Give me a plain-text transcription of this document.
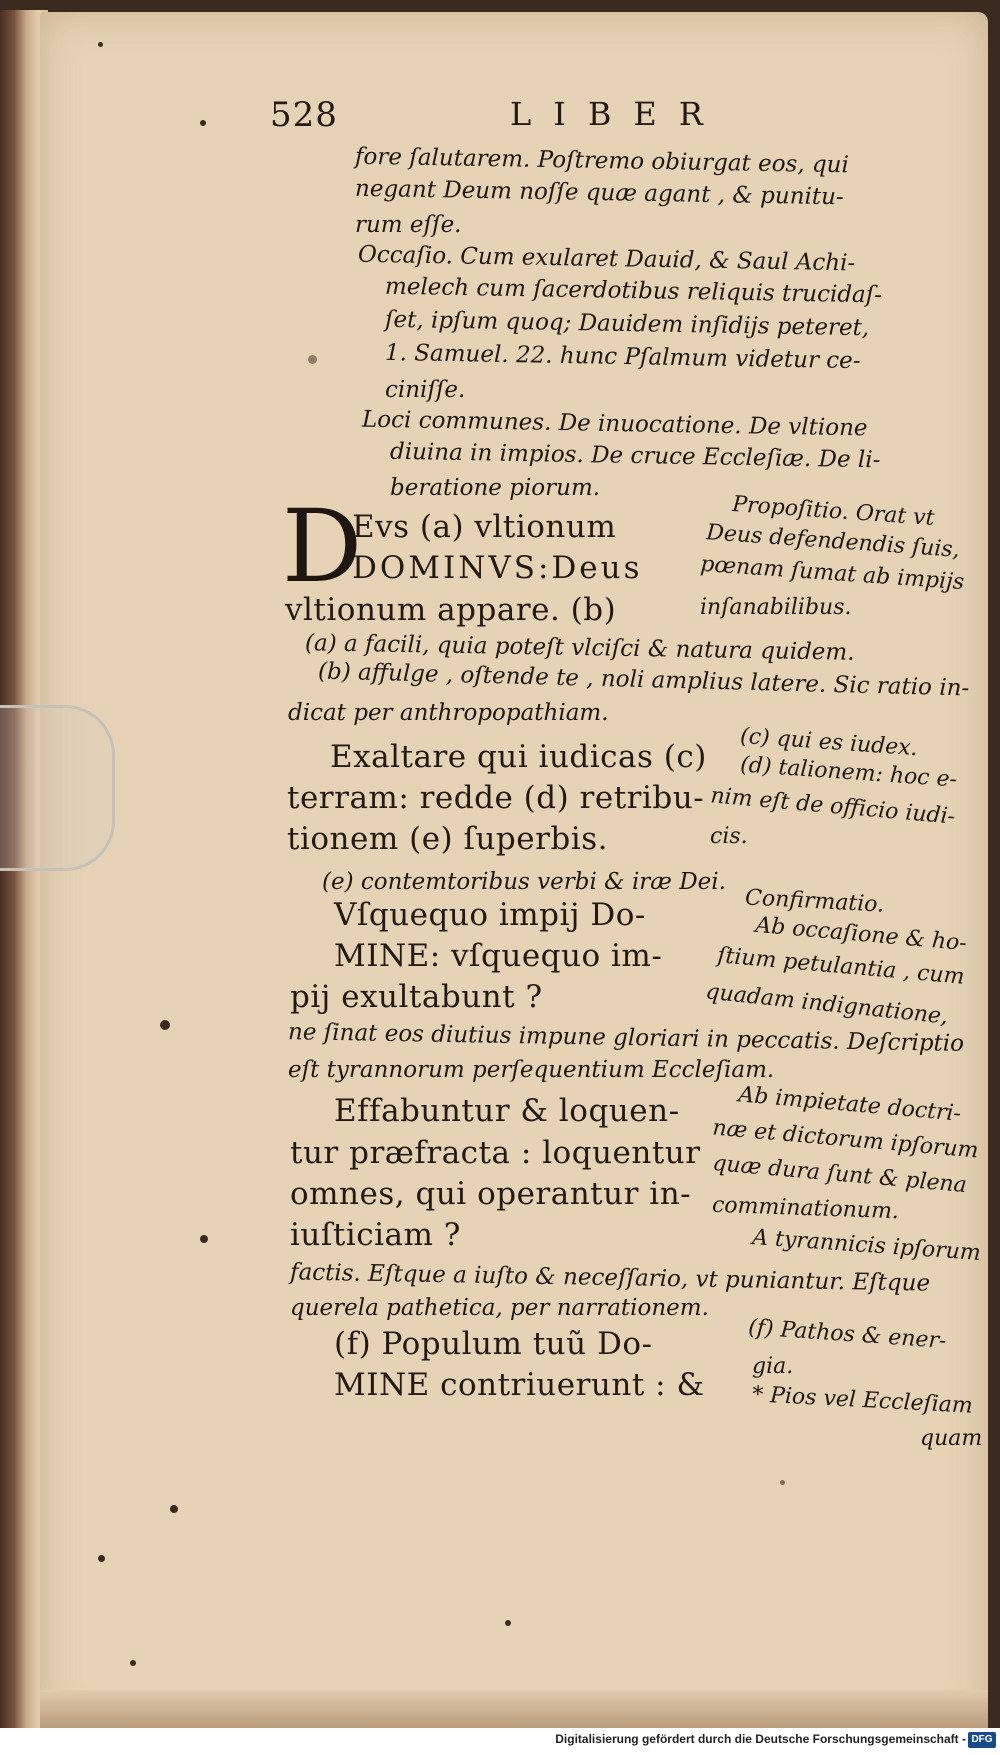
528	LIBER
fore ſalutarem. Poſtremo obiurgat eos, qui
negant Deum noſſe quæ agant , & punitu-
rum eſſe.
Occaſio. Cum exularet Dauid, & Saul Achi-
melech cum ſacerdotibus reliquis trucidaſ-
ſet, ipſum quoq; Dauidem inſidijs peteret,
1. Samuel. 22. hunc Pſalmum videtur ce-
ciniſſe.
Loci communes. De inuocatione. De vltione
diuina in impios. De cruce Eccleſiæ. De li-
beratione piorum.
D
Evs (a) vltionum
DOMINVS:Deus
vltionum appare. (b)
Propoſitio. Orat vt
Deus defendendis ſuis,
pœnam ſumat ab impijs
inſanabilibus.
(a) a facili, quia poteſt vlciſci & natura quidem.
(b) affulge , oſtende te , noli amplius latere. Sic ratio in-
dicat per anthropopathiam.
Exaltare qui iudicas (c)
terram: redde (d) retribu-
tionem (e) ſuperbis.
(c) qui es iudex.
(d) talionem: hoc e-
nim eſt de officio iudi-
cis.
(e) contemtoribus verbi & iræ Dei.
Vſquequo impij Do-
MINE: vſquequo im-
pij exultabunt ?
Confirmatio.
Ab occaſione & ho-
ſtium petulantia , cum
quadam indignatione,
ne ſinat eos diutius impune gloriari in peccatis. Deſcriptio
eſt tyrannorum perſequentium Eccleſiam.
Effabuntur & loquen-
tur præfracta : loquentur
omnes, qui operantur in-
iuſticiam ?
Ab impietate doctri-
næ et dictorum ipſorum
quæ dura ſunt & plena
comminationum.
A tyrannicis ipſorum
factis. Eſtque a iuſto & neceſſario, vt puniantur. Eſtque
querela pathetica, per narrationem.
(f) Populum tuũ Do-
MINE contriuerunt : &
(f) Pathos & ener-
gia.
* Pios vel Eccleſiam
quam
Digitalisierung gefördert durch die Deutsche Forschungsgemeinschaft - DFG
